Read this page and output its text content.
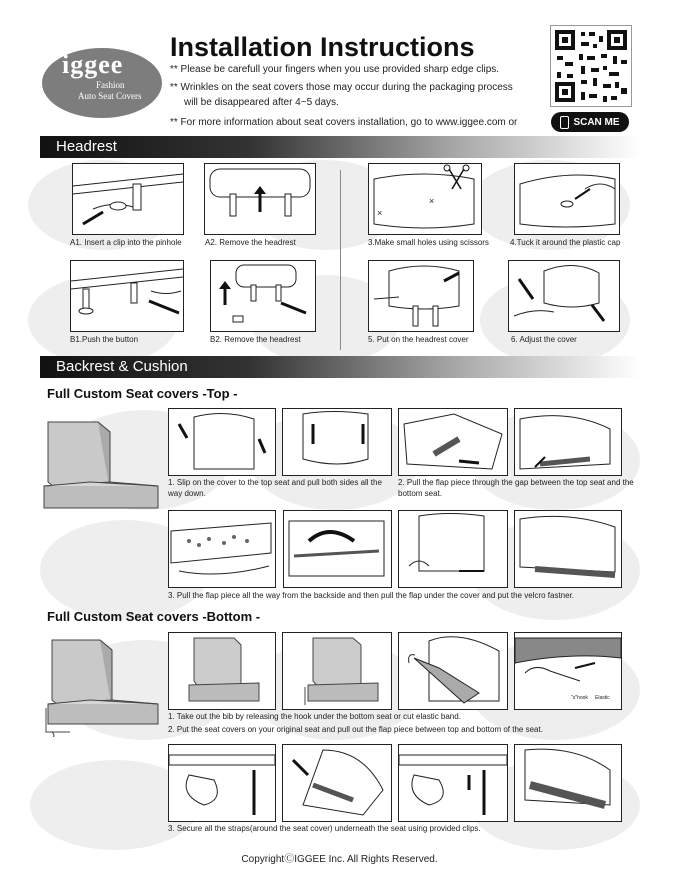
iggee
Fashion
Auto Seat Covers
Installation Instructions
** Please be carefull your fingers when you use provided sharp edge clips.
** Wrinkles on the seat covers those may occur during the packaging process
will be disappeared after 4~5 days.
** For more information about seat covers installation, go to www.iggee.com or	SCAN ME
Headrest
A1. Insert a clip into the pinhole	A2. Remove the headrest
B1.Push the button	B2. Remove the headrest
×
×
3.Make small holes using scissors	4.Tuck it around the plastic cap
5. Put on the headrest cover	6. Adjust the cover
Backrest & Cushion
Full Custom Seat covers -Top -
1. Slip on the cover to the top seat and pull both sides all the way down.
2. Pull the flap piece through the gap between the top seat and the bottom seat.
3. Pull the flap piece all the way from the backside and then pull the flap under the cover and put the velcro fastner.
Full Custom Seat covers -Bottom -
"s"hook Elastic
1. Take out the bib by releasing the hook under the bottom seat or cut elastic band.
2. Put the seat covers on your original seat and pull out the flap piece between top and bottom of the seat.
3. Secure all the straps(around the seat cover) underneath the seat using provided clips.
CopyrightⒸIGGEE Inc. All Rights Reserved.
